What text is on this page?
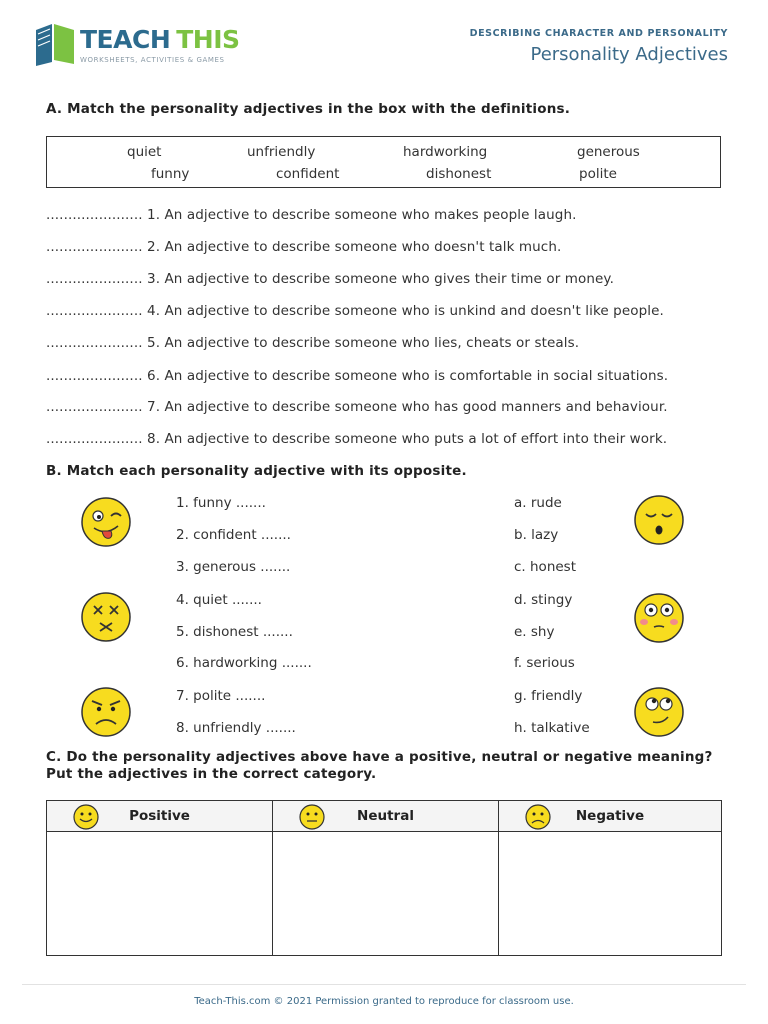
TEACH THIS
WORKSHEETS, ACTIVITIES & GAMES
DESCRIBING CHARACTER AND PERSONALITY
Personality Adjectives
A. Match the personality adjectives in the box with the definitions.
quiet	unfriendly	hardworking	generous
funny	confident	dishonest	polite
...................... 1. An adjective to describe someone who makes people laugh.
...................... 2. An adjective to describe someone who doesn't talk much.
...................... 3. An adjective to describe someone who gives their time or money.
...................... 4. An adjective to describe someone who is unkind and doesn't like people.
...................... 5. An adjective to describe someone who lies, cheats or steals.
...................... 6. An adjective to describe someone who is comfortable in social situations.
...................... 7. An adjective to describe someone who has good manners and behaviour.
...................... 8. An adjective to describe someone who puts a lot of effort into their work.
B. Match each personality adjective with its opposite.
1. funny .......
2. confident .......
3. generous .......
4. quiet .......
5. dishonest .......
6. hardworking .......
7. polite .......
8. unfriendly .......
a. rude
b. lazy
c. honest
d. stingy
e. shy
f. serious
g. friendly
h. talkative
C. Do the personality adjectives above have a positive, neutral or negative meaning?
Put the adjectives in the correct category.
Positive	Neutral	Negative

Teach-This.com © 2021 Permission granted to reproduce for classroom use.
